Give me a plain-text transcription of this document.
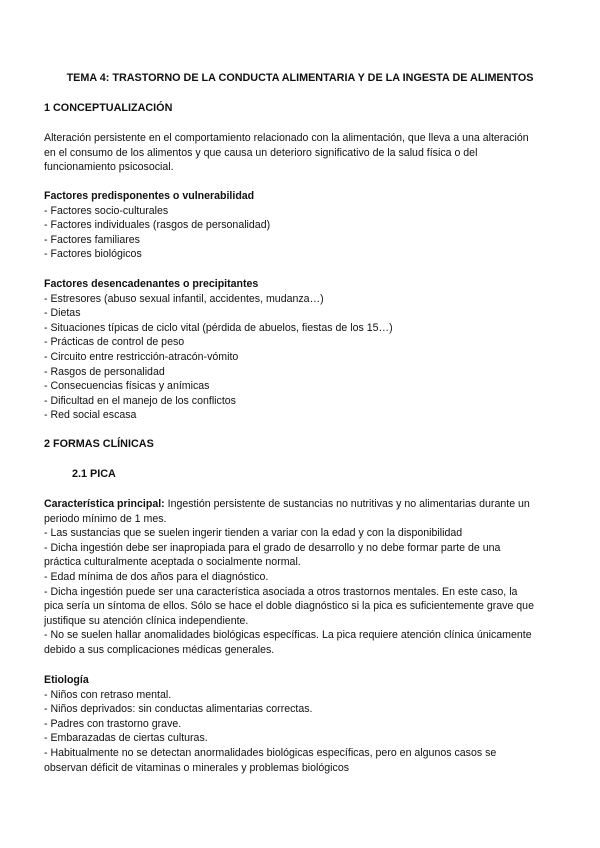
TEMA 4: TRASTORNO DE LA CONDUCTA ALIMENTARIA Y DE LA INGESTA DE ALIMENTOS
1 CONCEPTUALIZACIÓN
Alteración persistente en el comportamiento relacionado con la alimentación, que lleva a una alteración
en el consumo de los alimentos y que causa un deterioro significativo de la salud física o del
funcionamiento psicosocial.
Factores predisponentes o vulnerabilidad
- Factores socio-culturales
- Factores individuales (rasgos de personalidad)
- Factores familiares
- Factores biológicos
Factores desencadenantes o precipitantes
- Estresores (abuso sexual infantil, accidentes, mudanza…)
- Dietas
- Situaciones típicas de ciclo vital (pérdida de abuelos, fiestas de los 15…)
- Prácticas de control de peso
- Circuito entre restricción-atracón-vómito
- Rasgos de personalidad
- Consecuencias físicas y anímicas
- Dificultad en el manejo de los conflictos
- Red social escasa
2 FORMAS CLÍNICAS
2.1 PICA
Característica principal: Ingestión persistente de sustancias no nutritivas y no alimentarias durante un
periodo mínimo de 1 mes.
- Las sustancias que se suelen ingerir tienden a variar con la edad y con la disponibilidad
- Dicha ingestión debe ser inapropiada para el grado de desarrollo y no debe formar parte de una
práctica culturalmente aceptada o socialmente normal.
- Edad mínima de dos años para el diagnóstico.
- Dicha ingestión puede ser una característica asociada a otros trastornos mentales. En este caso, la
pica sería un síntoma de ellos. Sólo se hace el doble diagnóstico si la pica es suficientemente grave que
justifique su atención clínica independiente.
- No se suelen hallar anomalidades biológicas específicas. La pica requiere atención clínica únicamente
debido a sus complicaciones médicas generales.
Etiología
- Niños con retraso mental.
- Niños deprivados: sin conductas alimentarias correctas.
- Padres con trastorno grave.
- Embarazadas de ciertas culturas.
- Habitualmente no se detectan anormalidades biológicas específicas, pero en algunos casos se
observan déficit de vitaminas o minerales y problemas biológicos
